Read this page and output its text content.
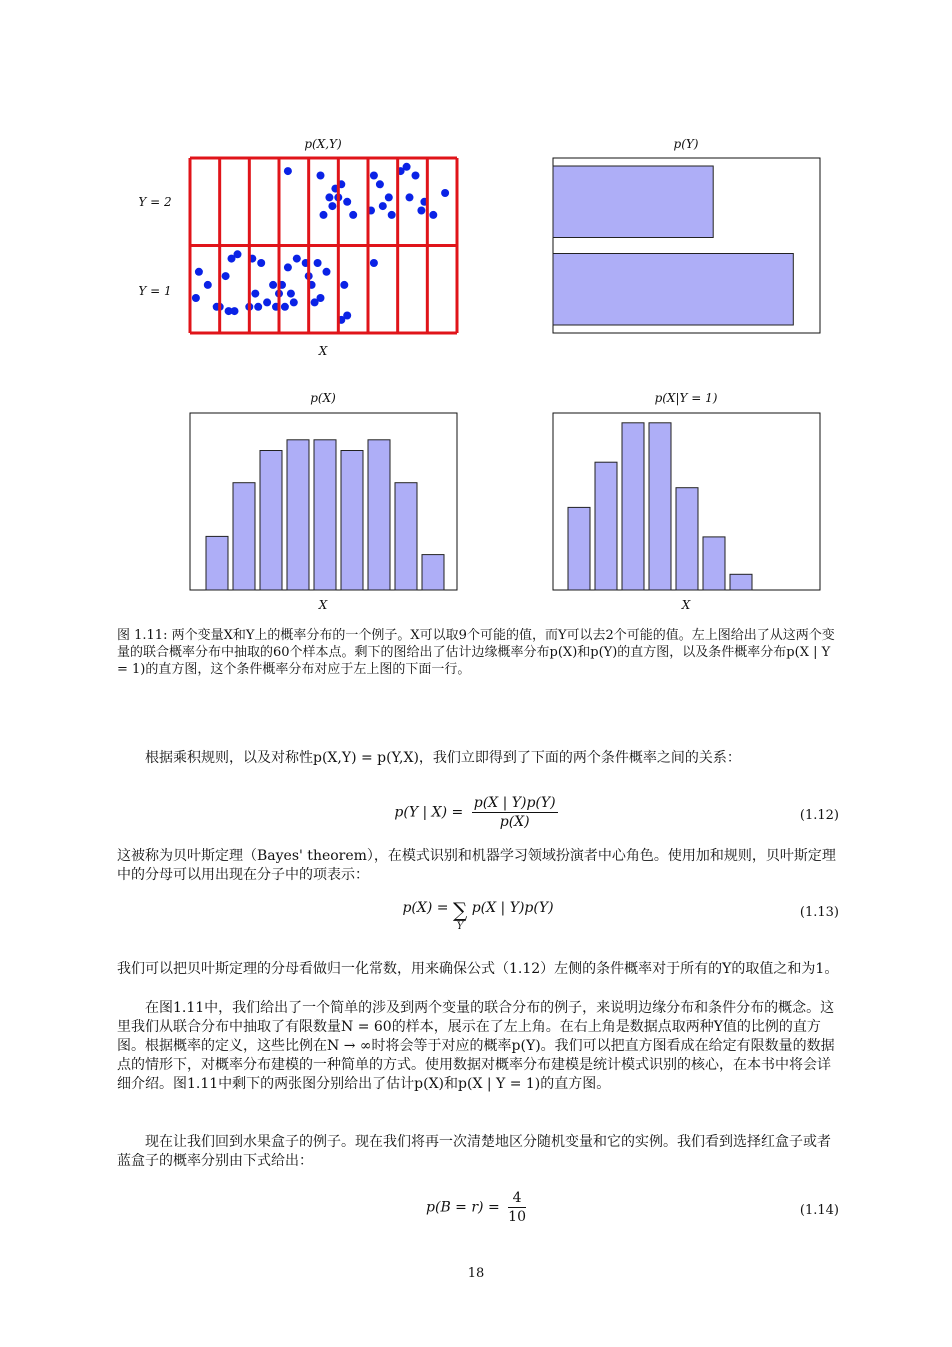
p(X,Y)	p(Y)
p(X)	p(X|Y = 1)
Y = 2
Y = 1
X
X	X
图 1.11: 两个变量X和Y上的概率分布的一个例子。X可以取9个可能的值，而Y可以去2个可能的值。左上图给出了从这两个变量的联合概率分布中抽取的60个样本点。剩下的图给出了估计边缘概率分布p(X)和p(Y)的直方图，以及条件概率分布p(X | Y = 1)的直方图，这个条件概率分布对应于左上图的下面一行。

根据乘积规则，以及对称性p(X,Y) = p(Y,X)，我们立即得到了下面的两个条件概率之间的关系：

p(Y | $X) = \frac{p(X | Y)p(Y)}{p(X)}$	(1.12)

这被称为贝叶斯定理（Bayes' theorem），在模式识别和机器学习领域扮演者中心角色。使用加和规则，贝叶斯定理中的分母可以用出现在分子中的项表示：

p(X) = ∑
Y
p(X | Y)p(Y)	(1.13)

我们可以把贝叶斯定理的分母看做归一化常数，用来确保公式（1.12）左侧的条件概率对于所有的Y的取值之和为1。

在图1.11中，我们给出了一个简单的涉及到两个变量的联合分布的例子，来说明边缘分布和条件分布的概念。这里我们从联合分布中抽取了有限数量N = 60的样本，展示在了左上角。在右上角是数据点取两种Y值的比例的直方图。根据概率的定义，这些比例在N → ∞时将会等于对应的概率p(Y)。我们可以把直方图看成在给定有限数量的数据点的情形下，对概率分布建模的一种简单的方式。使用数据对概率分布建模是统计模式识别的核心，在本书中将会详细介绍。图1.11中剩下的两张图分别给出了估计p(X)和p(X | Y = 1)的直方图。

现在让我们回到水果盒子的例子。现在我们将再一次清楚地区分随机变量和它的实例。我们看到选择红盒子或者蓝盒子的概率分别由下式给出：

$p(B = r) = \frac{4}{10}$	(1.14)
18
